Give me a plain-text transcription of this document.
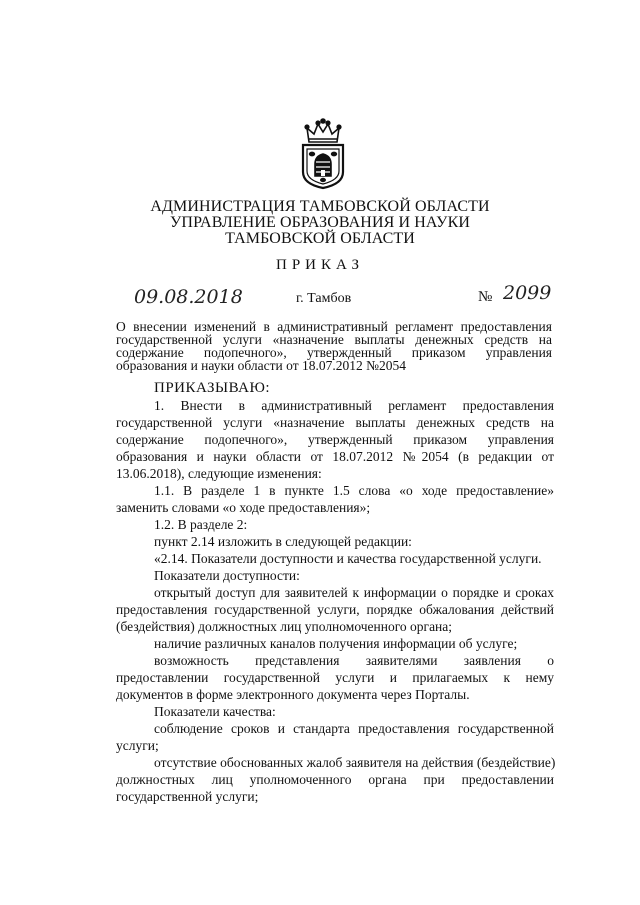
АДМИНИСТРАЦИЯ ТАМБОВСКОЙ ОБЛАСТИ
УПРАВЛЕНИЕ ОБРАЗОВАНИЯ И НАУКИ
ТАМБОВСКОЙ ОБЛАСТИ
ПРИКАЗ
09.08.2018	г. Тамбов	№ 2099
О внесении изменений в административный регламент предоставления
государственной услуги «назначение выплаты денежных средств на
содержание подопечного», утвержденный приказом управления
образования и науки области от 18.07.2012 №2054
ПРИКАЗЫВАЮ:
1. Внести в административный регламент предоставления
государственной услуги «назначение выплаты денежных средств на
содержание подопечного», утвержденный приказом управления
образования и науки области от 18.07.2012 №2054 (в редакции от
13.06.2018), следующие изменения:
1.1. В разделе 1 в пункте 1.5 слова «о ходе предоставление»
заменить словами «о ходе предоставления»;
1.2. В разделе 2:
пункт 2.14 изложить в следующей редакции:
«2.14. Показатели доступности и качества государственной услуги.
Показатели доступности:
открытый доступ для заявителей к информации о порядке и сроках
предоставления государственной услуги, порядке обжалования действий
(бездействия) должностных лиц уполномоченного органа;
наличие различных каналов получения информации об услуге;
возможность представления заявителями заявления о
предоставлении государственной услуги и прилагаемых к нему
документов в форме электронного документа через Порталы.
Показатели качества:
соблюдение сроков и стандарта предоставления государственной
услуги;
отсутствие обоснованных жалоб заявителя на действия (бездействие)
должностных лиц уполномоченного органа при предоставлении
государственной услуги;
